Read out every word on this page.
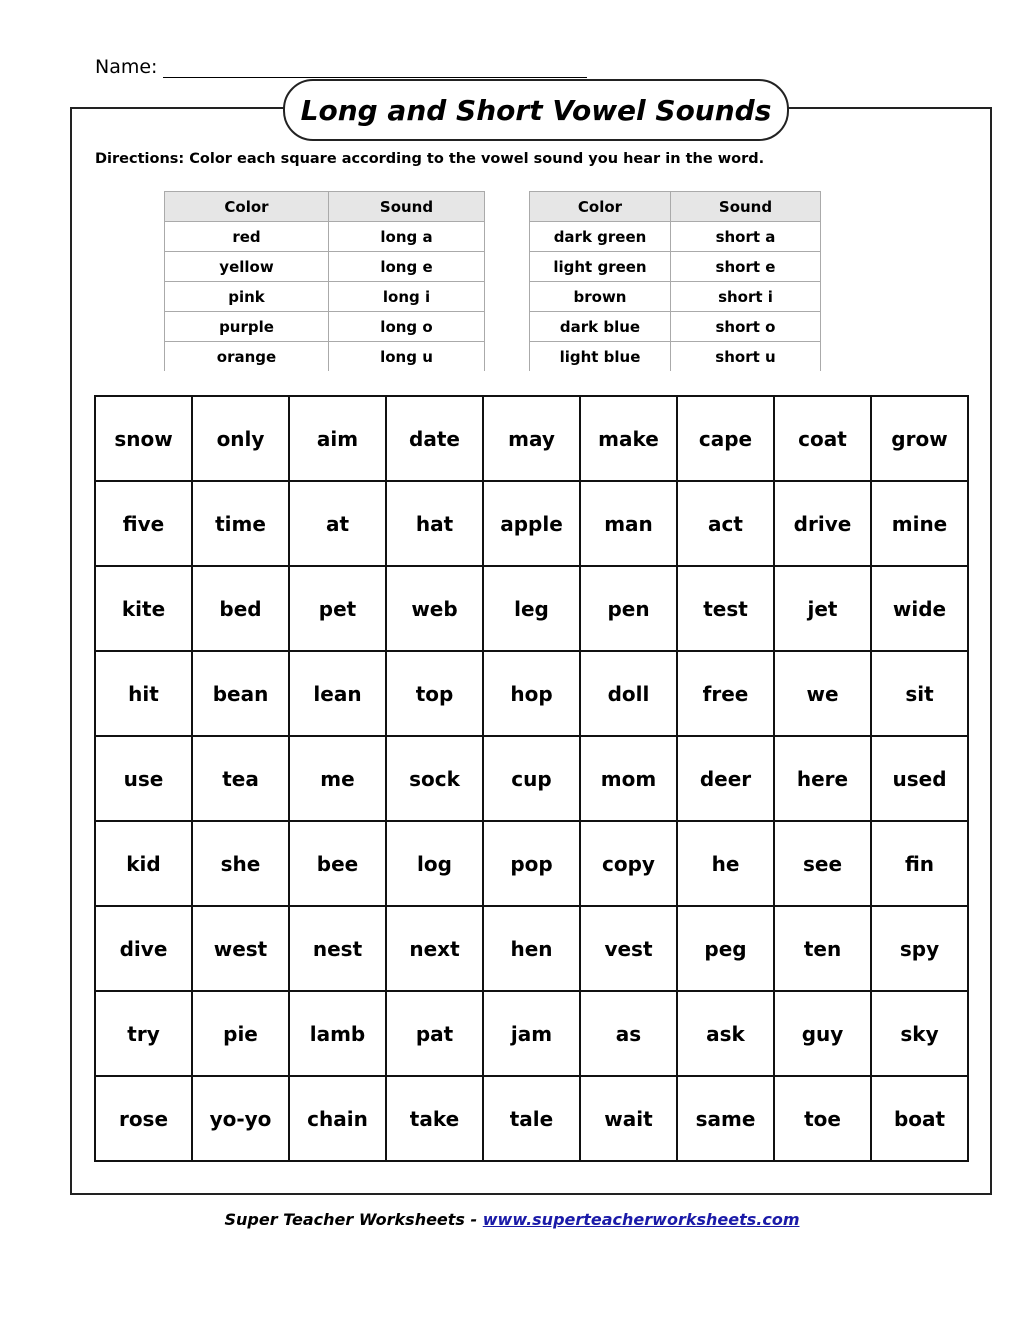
Name:
Long and Short Vowel Sounds
Directions: Color each square according to the vowel sound you hear in the word.
Color	Sound
red	long a
yellow	long e
pink	long i
purple	long o
orange	long u
Color	Sound
dark green	short a
light green	short e
brown	short i
dark blue	short o
light blue	short u
snow	only	aim	date	may	make	cape	coat	grow
five	time	at	hat	apple	man	act	drive	mine
kite	bed	pet	web	leg	pen	test	jet	wide
hit	bean	lean	top	hop	doll	free	we	sit
use	tea	me	sock	cup	mom	deer	here	used
kid	she	bee	log	pop	copy	he	see	fin
dive	west	nest	next	hen	vest	peg	ten	spy
try	pie	lamb	pat	jam	as	ask	guy	sky
rose	yo-yo	chain	take	tale	wait	same	toe	boat
Super Teacher Worksheets - www.superteacherworksheets.com
